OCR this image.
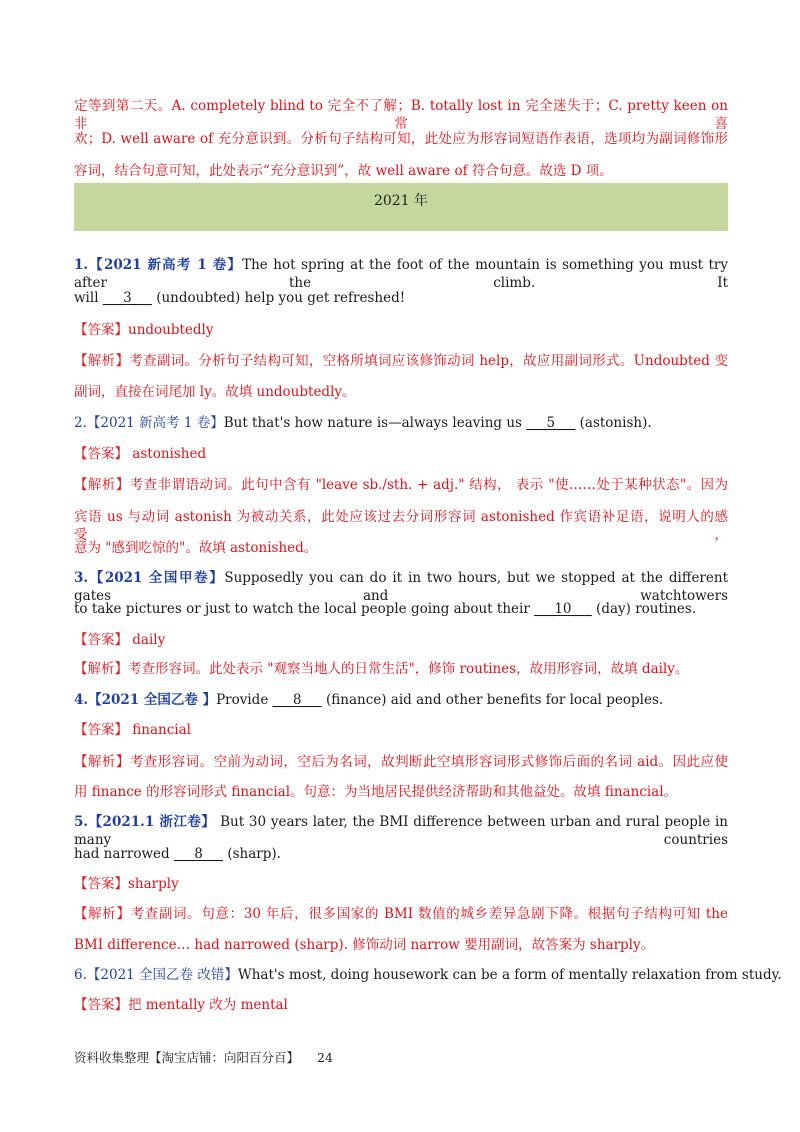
定等到第二天。A. completely blind to 完全不了解；B. totally lost in 完全迷失于；C. pretty keen on 非常喜
欢；D. well aware of 充分意识到。分析句子结构可知，此处应为形容词短语作表语，选项均为副词修饰形
容词，结合句意可知，此处表示“充分意识到”，故 well aware of 符合句意。故选 D 项。
2021 年
1.【2021 新高考 1 卷】The hot spring at the foot of the mountain is something you must try after the climb. It
will ___3___ (undoubted) help you get refreshed!
【答案】undoubtedly
【解析】考查副词。分析句子结构可知，空格所填词应该修饰动词 help，故应用副词形式。Undoubted 变
副词，直接在词尾加 ly。故填 undoubtedly。
2.【2021 新高考 1 卷】But that's how nature is—always leaving us ___5___ (astonish).
【答案】 astonished
【解析】考查非谓语动词。此句中含有 "leave sb./sth. + adj." 结构， 表示 "使……处于某种状态"。因为
宾语 us 与动词 astonish 为被动关系，此处应该过去分词形容词 astonished 作宾语补足语，说明人的感受，
意为 "感到吃惊的"。故填 astonished。
3.【2021 全国甲卷】Supposedly you can do it in two hours, but we stopped at the different gates and watchtowers
to take pictures or just to watch the local people going about their ___10___ (day) routines.
【答案】 daily
【解析】考查形容词。此处表示 "观察当地人的日常生活"，修饰 routines，故用形容词，故填 daily。
4.【2021 全国乙卷 】Provide ___8___ (finance) aid and other benefits for local peoples.
【答案】 financial
【解析】考查形容词。空前为动词，空后为名词，故判断此空填形容词形式修饰后面的名词 aid。因此应使
用 finance 的形容词形式 financial。句意：为当地居民提供经济帮助和其他益处。故填 financial。
5.【2021.1 浙江卷】 But 30 years later, the BMI difference between urban and rural people in many countries
had narrowed ___8___ (sharp).
【答案】sharply
【解析】考查副词。句意：30 年后，很多国家的 BMI 数值的城乡差异急剧下降。根据句子结构可知 the
BMI difference… had narrowed (sharp). 修饰动词 narrow 要用副词，故答案为 sharply。
6.【2021 全国乙卷 改错】What's most, doing housework can be a form of mentally relaxation from study.
【答案】把 mentally 改为 mental
资料收集整理【淘宝店铺：向阳百分百】 24
